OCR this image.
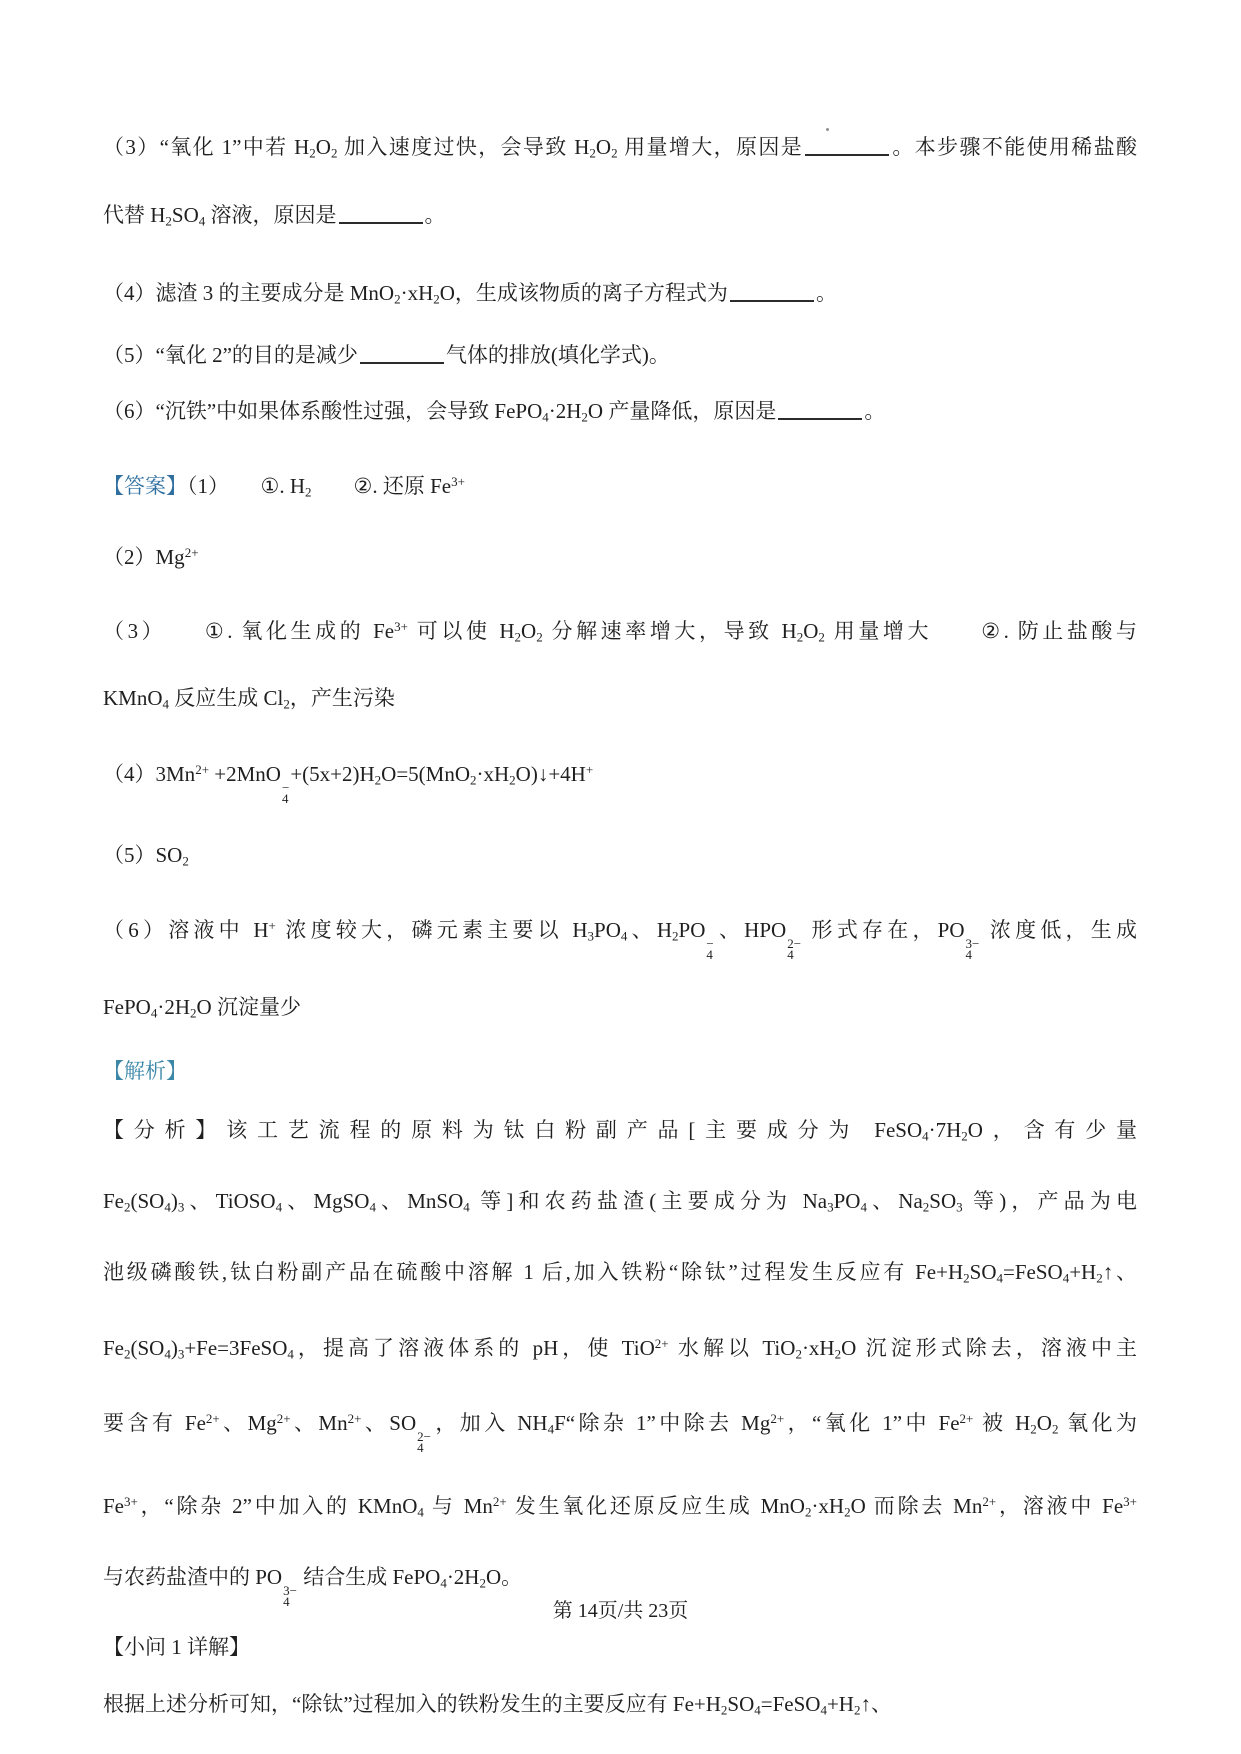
（3）“氧化 1”中若 $H_2O_2$ 加入速度过快，会导致 $H_2O_2$ 用量增大，原因是	。本步骤不能使用稀盐酸
代替 $H_2SO_4$ 溶液，原因是	。
（4）滤渣 3 的主要成分是 $MnO_2\cdot xH_2O$，生成该物质的离子方程式为	。
（5）“氧化 2”的目的是减少	气体的排放(填化学式)。
（6）“沉铁”中如果体系酸性过强，会导致 $FePO_4\cdot 2H_2O$ 产量降低，原因是	。
【答案】（1）　　①. $H_2$　　②. 还原 $Fe^{3+}$
$(2)Mg^{2+}$
（3）　　①. 氧化生成的 $Fe^{3+}$ 可以使 $H_2O_2$ 分解速率增大，导致 $H_2O_2$ 用量增大　　②. 防止盐酸与
KMnO$_4$ 反应生成 $Cl_2$，产生污染
$(4)3Mn^{2+} +2MnO$
−
4
$+(5x+2)H_2O=5(MnO_2\cdot xH_2O)↓+4H^+$
$(5)SO_2$
（6）溶液中 H+ 浓度较大，磷元素主要以 $H_3PO_4$、$H_2PO$
−
4
、HPO
2−
4
形式存在，PO
3−
4
浓度低，生成
$FePO_4\cdot 2H_2O$ 沉淀量少
【解析】
【分析】该工艺流程的原料为钛白粉副产品[主要成分为 $FeSO_4\cdot 7H_2O$，含有少量
$Fe_2(SO_4)_3$、TiOSO$_4$、MgSO$_4$、MnSO$_4$ 等]和农药盐渣(主要成分为 $Na_3PO_4$、$Na_2SO_3$ 等)，产品为电
池级磷酸铁,钛白粉副产品在硫酸中溶解 1 后,加入铁粉“除钛”过程发生反应有 $Fe+H_2SO_4=FeSO_4+H_2↑$、
$Fe_2(SO_4)_3+Fe=3FeSO_4$，提高了溶液体系的 pH，使 TiO$^{2+}$ 水解以 $TiO_2\cdot xH_2O$ 沉淀形式除去，溶液中主
要含有 $Fe^{2+}$、$Mg^{2+}$、$Mn^{2+}$、SO
2−
4
，加入 $NH_4F“$除杂 1”中除去 $Mg^{2+}$，“氧化 1”中 $Fe^{2+}$ 被 $H_2O_2$ 氧化为
$Fe^{3+}$，“除杂 2”中加入的 KMnO$_4$ 与 $Mn^{2+}$ 发生氧化还原反应生成 $MnO_2\cdot xH_2O$ 而除去 $Mn^{2+}$，溶液中 $Fe^{3+}$
与农药盐渣中的 PO
3−
4
结合生成 $FePO_4\cdot 2H_2O$。
【小问 1 详解】
根据上述分析可知，“除钛”过程加入的铁粉发生的主要反应有 $Fe+H_2SO_4=FeSO_4+H_2↑$、
第 14页/共 23页
